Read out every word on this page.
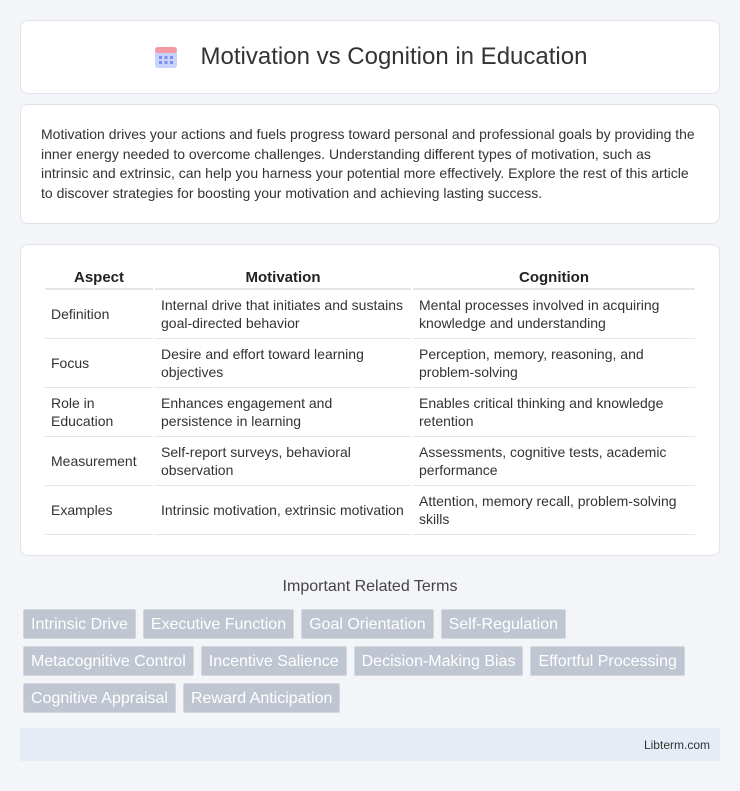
Motivation vs Cognition in Education

Motivation drives your actions and fuels progress toward personal and professional goals by providing the inner energy needed to overcome challenges. Understanding different types of motivation, such as intrinsic and extrinsic, can help you harness your potential more effectively. Explore the rest of this article to discover strategies for boosting your motivation and achieving lasting success.

Aspect	Motivation	Cognition
Definition	Internal drive that initiates and sustains goal-directed behavior	Mental processes involved in acquiring knowledge and understanding
Focus	Desire and effort toward learning objectives	Perception, memory, reasoning, and problem-solving
Role in Education	Enhances engagement and persistence in learning	Enables critical thinking and knowledge retention
Measurement	Self-report surveys, behavioral observation	Assessments, cognitive tests, academic performance
Examples	Intrinsic motivation, extrinsic motivation	Attention, memory recall, problem-solving skills
Important Related Terms
Intrinsic Drive	Executive Function	Goal Orientation	Self-Regulation
Metacognitive Control	Incentive Salience	Decision-Making Bias	Effortful Processing
Cognitive Appraisal	Reward Anticipation
Libterm.com
